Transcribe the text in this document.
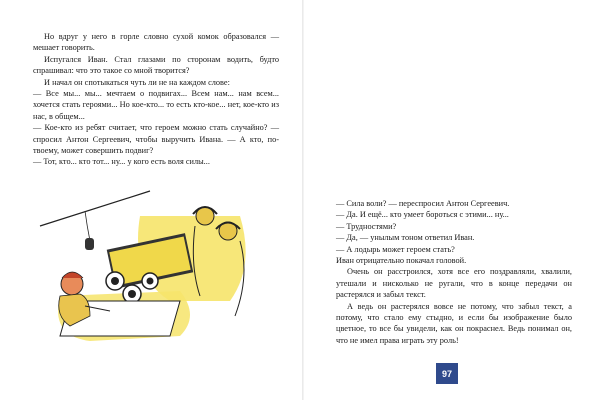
Но вдруг у него в горле словно сухой комок образовался — мешает говорить.

Испугался Иван. Стал глазами по сторонам водить, будто спрашивал: что это такое со мной творится?

И начал он спотыкаться чуть ли не на каждом слове:

— Все мы... мы... мечтаем о подвигах... Всем нам... нам всем... хочется стать героями... Но кое-кто... то есть кто-кое... нет, кое-кто из нас, в общем...

— Кое-кто из ребят считает, что героем можно стать случайно? — спросил Антон Сергеевич, чтобы выручить Ивана. — А кто, по-твоему, может совершить подвиг?

— Тот, кто... кто тот... ну... у кого есть воля силы...

— Сила воли? — переспросил Антон Сергеевич.

— Да. И ещё... кто умеет бороться с этими... ну...

— Трудностями?

— Да, — унылым тоном ответил Иван.

— А лодырь может героем стать?

Иван отрицательно покачал головой.

Очень он расстроился, хотя все его поздравляли, хвалили, утешали и нисколько не ругали, что в конце передачи он растерялся и забыл текст.

А ведь он растерялся вовсе не потому, что забыл текст, а потому, что стало ему стыдно, и если бы изображение было цветное, то все бы увидели, как он покраснел. Ведь понимал он, что не имел права играть эту роль!

97
